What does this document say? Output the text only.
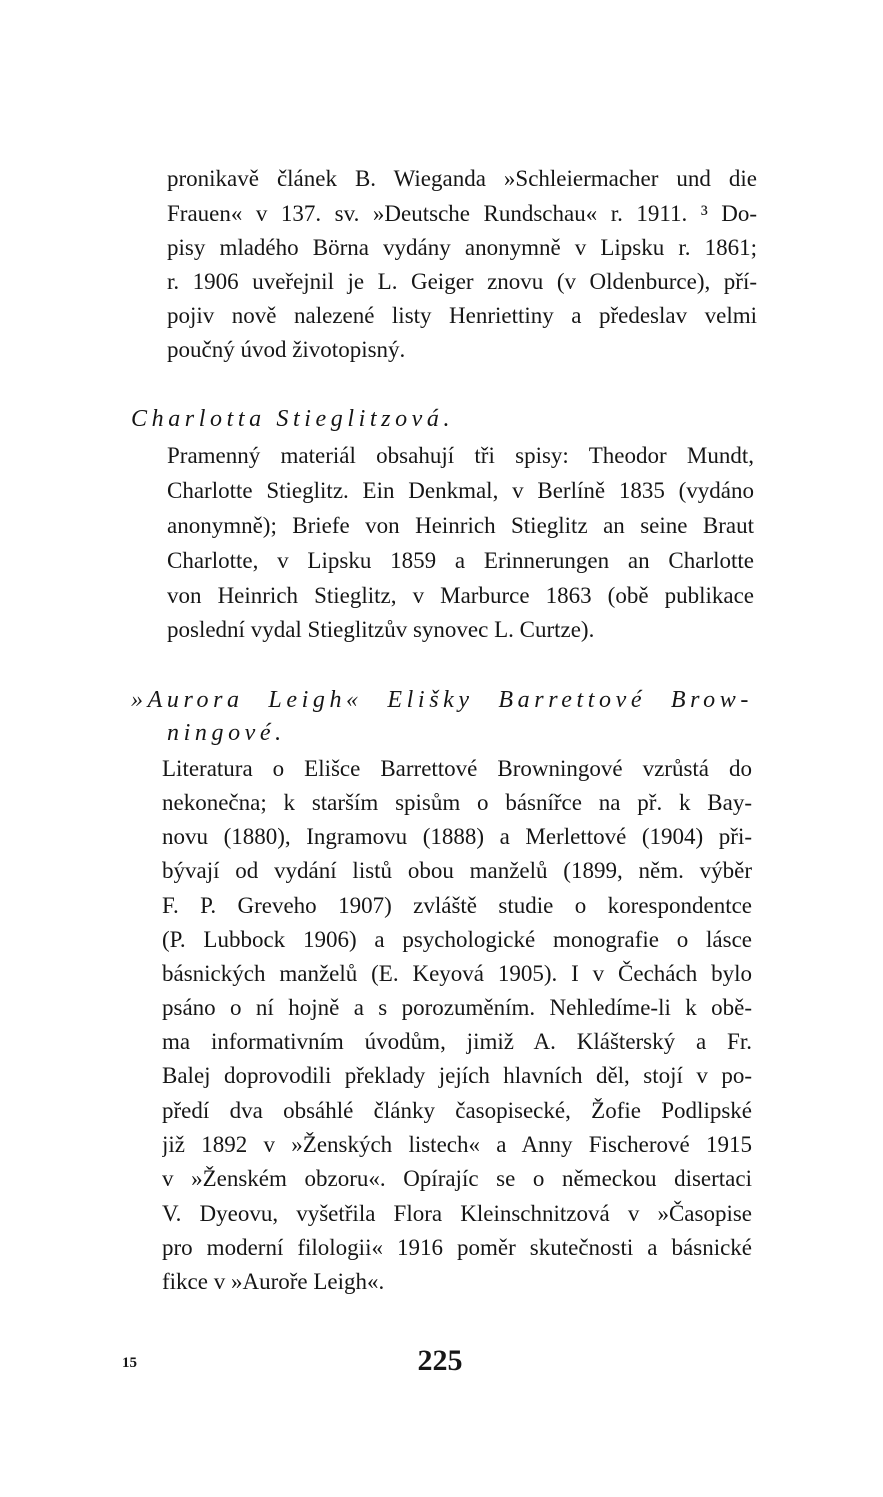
pronikavě článek B. Wieganda »Schleiermacher und die
Frauen« v 137. sv. »Deutsche Rundschau« r. 1911. ³ Do-
pisy mladého Börna vydány anonymně v Lipsku r. 1861;
r. 1906 uveřejnil je L. Geiger znovu (v Oldenburce), pří-
pojiv nově nalezené listy Henriettiny a předeslav velmi
poučný úvod životopisný.
Charlotta Stieglitzová.
Pramenný materiál obsahují tři spisy: Theodor Mundt,
Charlotte Stieglitz. Ein Denkmal, v Berlíně 1835 (vydáno
anonymně); Briefe von Heinrich Stieglitz an seine Braut
Charlotte, v Lipsku 1859 a Erinnerungen an Charlotte
von Heinrich Stieglitz, v Marburce 1863 (obě publikace
poslední vydal Stieglitzův synovec L. Curtze).
»Aurora Leigh« Elišky Barrettové Brow-
ningové.
Literatura o Elišce Barrettové Browningové vzrůstá do
nekonečna; k starším spisům o básnířce na př. k Bay-
novu (1880), Ingramovu (1888) a Merlettové (1904) při-
bývají od vydání listů obou manželů (1899, něm. výběr
F. P. Greveho 1907) zvláště studie o korespondentce
(P. Lubbock 1906) a psychologické monografie o lásce
básnických manželů (E. Keyová 1905). I v Čechách bylo
psáno o ní hojně a s porozuměním. Nehledíme-li k obě-
ma informativním úvodům, jimiž A. Klášterský a Fr.
Balej doprovodili překlady jejích hlavních děl, stojí v po-
předí dva obsáhlé články časopisecké, Žofie Podlipské
již 1892 v »Ženských listech« a Anny Fischerové 1915
v »Ženském obzoru«. Opírajíc se o německou disertaci
V. Dyeovu, vyšetřila Flora Kleinschnitzová v »Časopise
pro moderní filologii« 1916 poměr skutečnosti a básnické
fikce v »Auroře Leigh«.
15	225
